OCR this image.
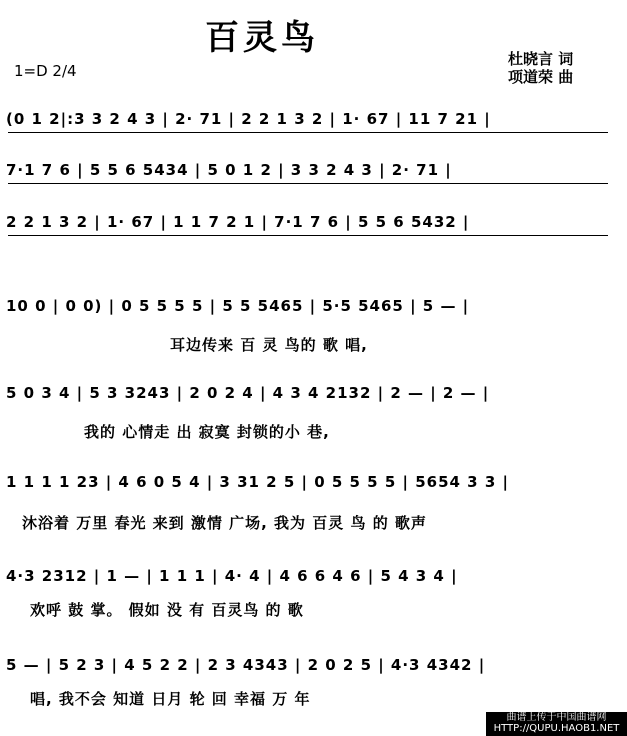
百灵鸟
1=D 2/4
杜晓言 词
项道荣 曲
(0 1 2|:3 3 2 4 3 | 2· 71 | 2 2 1 3 2 | 1· 67 | 11 7 21 |
7·1 7 6 | 5 5 6 5434 | 5 0 1 2 | 3 3 2 4 3 | 2· 71 |
2 2 1 3 2 | 1· 67 | 1 1 7 2 1 | 7·1 7 6 | 5 5 6 5432 |
10 0 | 0 0) | 0 5 5 5 5 | 5 5 5465 | 5·5 5465 | 5 — |
5 0 3 4 | 5 3 3243 | 2 0 2 4 | 4 3 4 2132 | 2 — | 2 — |
1 1 1 1 23 | 4 6 0 5 4 | 3 31 2 5 | 0 5 5 5 5 | 5654 3 3 |
4·3 2312 | 1 — | 1 1 1 | 4· 4 | 4 6 6 4 6 | 5 4 3 4 |
5 — | 5 2 3 | 4 5 2 2 | 2 3 4343 | 2 0 2 5 | 4·3 4342 |
耳边传来 百 灵 鸟的 歌 唱,
我的 心情走 出 寂寞 封锁的小 巷,
沐浴着 万里 春光 来到 激情 广场, 我为 百灵 鸟 的 歌声
欢呼 鼓 掌。 假如 没 有 百灵鸟 的 歌
唱, 我不会 知道 日月 轮 回 幸福 万 年
曲谱上传于中国曲谱网
HTTP://QUPU.HAOB1.NET
